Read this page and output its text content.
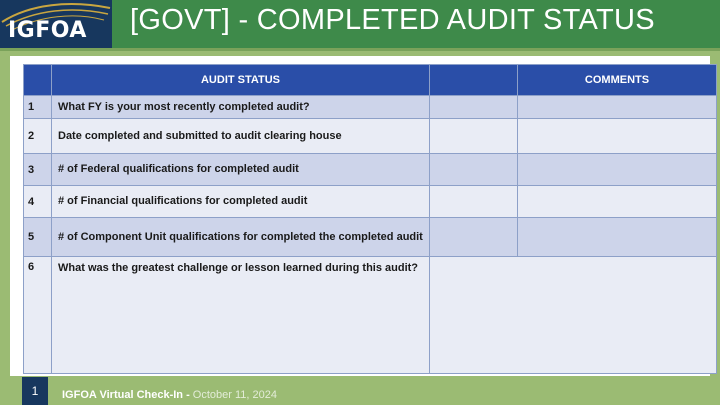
IGFOA [GOVT] - COMPLETED AUDIT STATUS
	AUDIT STATUS		COMMENTS
1	What FY is your most recently completed audit?		
2	Date completed and submitted to audit clearing house		
3	# of Federal qualifications for completed audit		
4	# of Financial qualifications for completed audit		
5	# of Component Unit qualifications for completed the completed audit		
6	What was the greatest challenge or lesson learned during this audit?		
1	IGFOA Virtual Check-In - October 11, 2024
